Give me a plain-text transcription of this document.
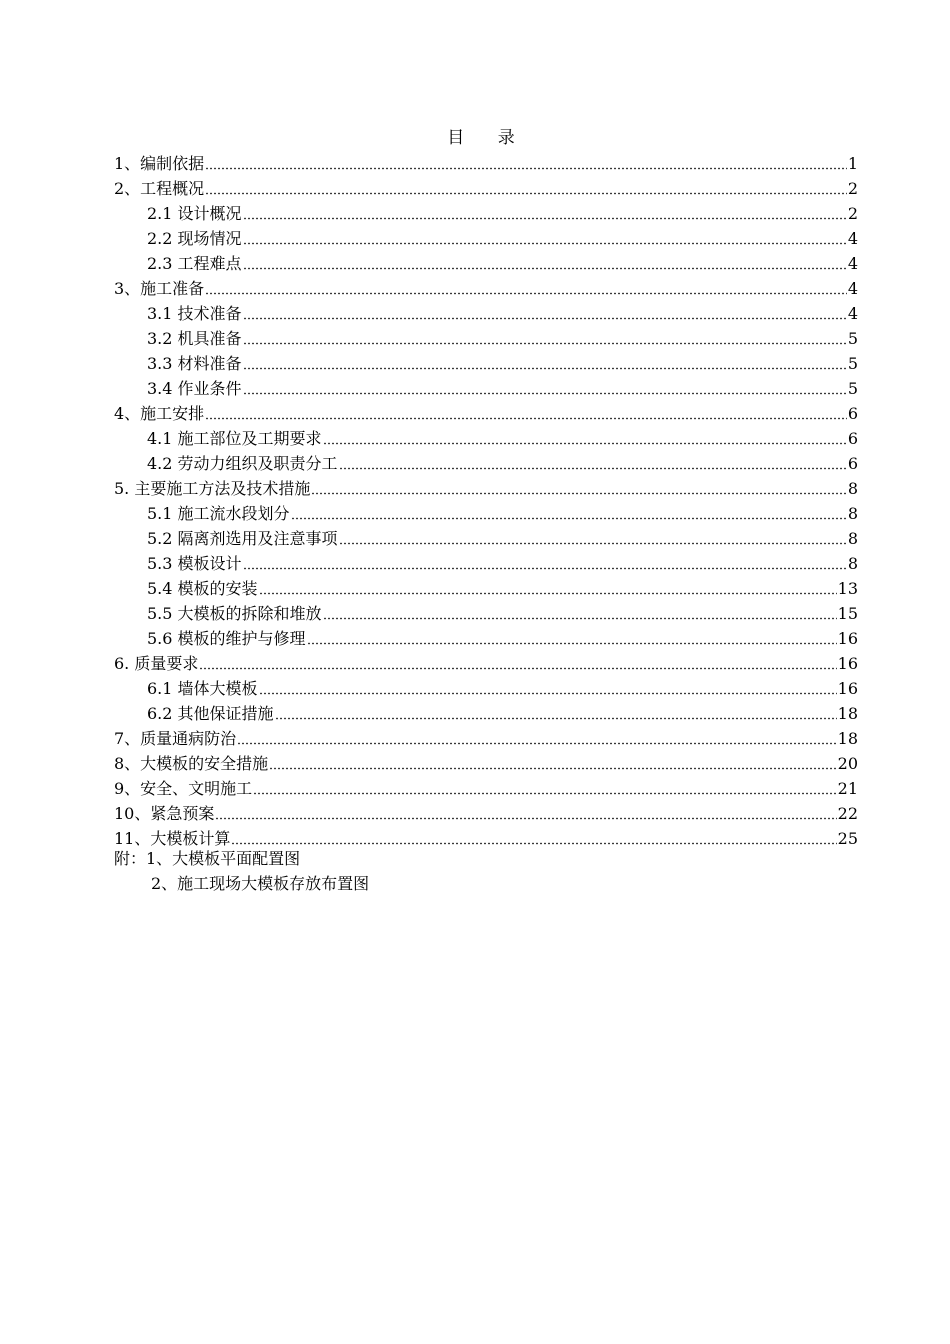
目 录
1、编制依据	1
2、工程概况	2
2.1 设计概况	2
2.2 现场情况	4
2.3 工程难点	4
3、施工准备	4
3.1 技术准备	4
3.2 机具准备	5
3.3 材料准备	5
3.4 作业条件	5
4、施工安排	6
4.1 施工部位及工期要求	6
4.2 劳动力组织及职责分工	6
5. 主要施工方法及技术措施	8
5.1 施工流水段划分	8
5.2 隔离剂选用及注意事项	8
5.3 模板设计	8
5.4 模板的安装	13
5.5 大模板的拆除和堆放	15
5.6 模板的维护与修理	16
6. 质量要求	16
6.1 墙体大模板	16
6.2 其他保证措施	18
7、质量通病防治	18
8、大模板的安全措施	20
9、安全、文明施工	21
10、紧急预案	22
11、大模板计算	25
附：1、大模板平面配置图
2、施工现场大模板存放布置图
